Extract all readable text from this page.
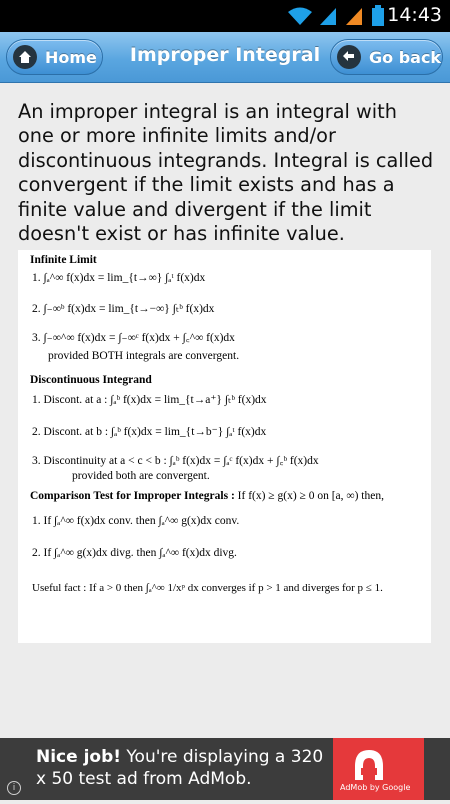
14:43
Home	Improper Integral	Go back
An improper integral is an integral with one or more infinite limits and/or discontinuous integrands. Integral is called convergent if the limit exists and has a finite value and divergent if the limit doesn't exist or has infinite value.
Infinite Limit
1. ∫ₐ^∞ f(x)dx = lim_{t→∞} ∫ₐᵗ f(x)dx
2. ∫₋∞ᵇ f(x)dx = lim_{t→−∞} ∫ₜᵇ f(x)dx
3. ∫₋∞^∞ f(x)dx = ∫₋∞ᶜ f(x)dx + ∫꜀^∞ f(x)dx
provided BOTH integrals are convergent.
Discontinuous Integrand
1. Discont. at a : ∫ₐᵇ f(x)dx = lim_{t→a⁺} ∫ₜᵇ f(x)dx
2. Discont. at b : ∫ₐᵇ f(x)dx = lim_{t→b⁻} ∫ₐᵗ f(x)dx
3. Discontinuity at a < c < b : ∫ₐᵇ f(x)dx = ∫ₐᶜ f(x)dx + ∫꜀ᵇ f(x)dx
provided both are convergent.
Comparison Test for Improper Integrals : If f(x) ≥ g(x) ≥ 0 on [a, ∞) then,
1. If ∫ₐ^∞ f(x)dx conv. then ∫ₐ^∞ g(x)dx conv.
2. If ∫ₐ^∞ g(x)dx divg. then ∫ₐ^∞ f(x)dx divg.
Useful fact : If a > 0 then ∫ₐ^∞ 1/xᵖ dx converges if p > 1 and diverges for p ≤ 1.
i
Nice job! You're displaying a 320 x 50 test ad from AdMob.	AdMob by Google
